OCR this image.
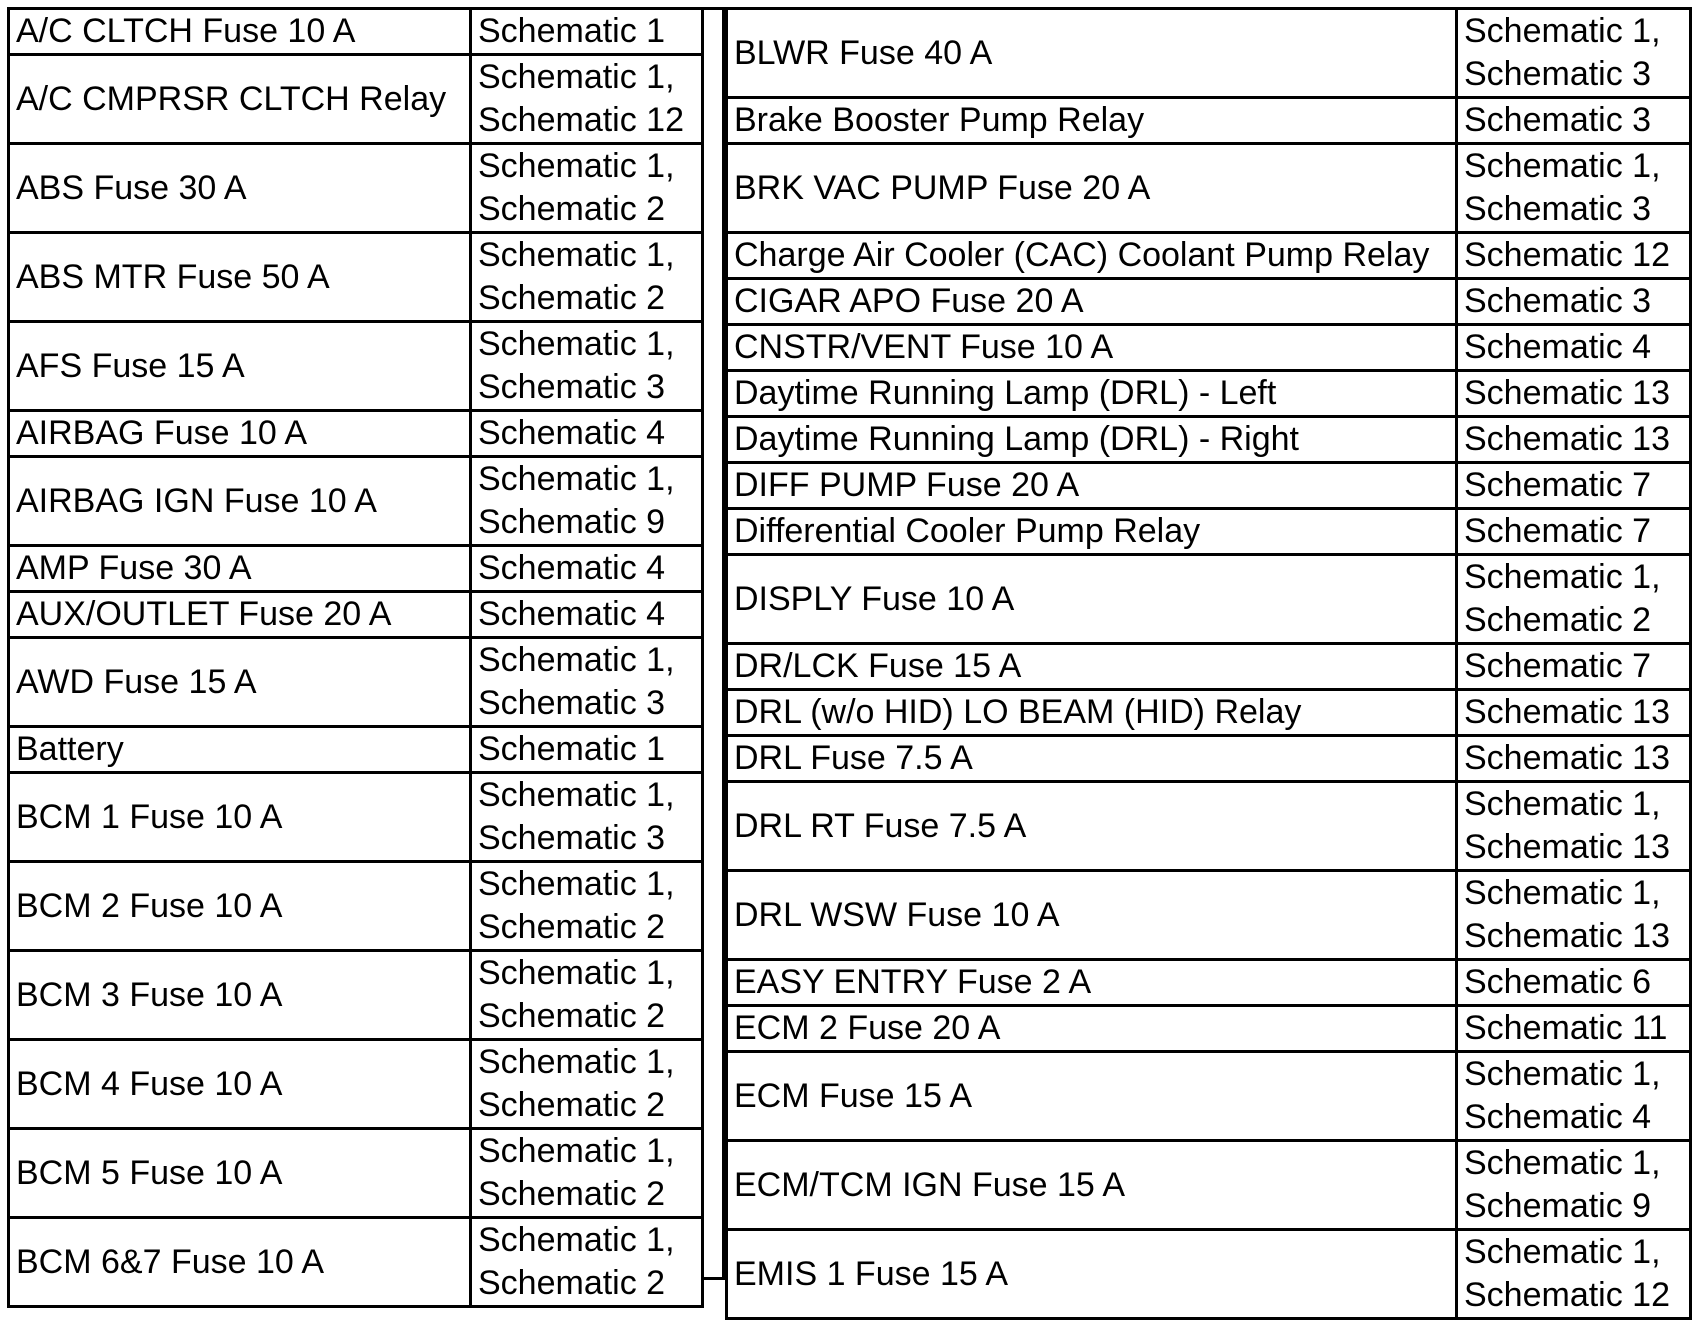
A/C CLTCH Fuse 10 A	Schematic 1

A/C CMPRSR CLTCH Relay	Schematic 1,
Schematic 12

ABS Fuse 30 A	Schematic 1,
Schematic 2

ABS MTR Fuse 50 A	Schematic 1,
Schematic 2

AFS Fuse 15 A	Schematic 1,
Schematic 3

AIRBAG Fuse 10 A	Schematic 4

AIRBAG IGN Fuse 10 A	Schematic 1,
Schematic 9

AMP Fuse 30 A	Schematic 4

AUX/OUTLET Fuse 20 A	Schematic 4

AWD Fuse 15 A	Schematic 1,
Schematic 3

Battery	Schematic 1

BCM 1 Fuse 10 A	Schematic 1,
Schematic 3

BCM 2 Fuse 10 A	Schematic 1,
Schematic 2

BCM 3 Fuse 10 A	Schematic 1,
Schematic 2

BCM 4 Fuse 10 A	Schematic 1,
Schematic 2

BCM 5 Fuse 10 A	Schematic 1,
Schematic 2

BCM 6&7 Fuse 10 A	Schematic 1,
Schematic 2
BLWR Fuse 40 A	Schematic 1,
Schematic 3

Brake Booster Pump Relay	Schematic 3

BRK VAC PUMP Fuse 20 A	Schematic 1,
Schematic 3

Charge Air Cooler (CAC) Coolant Pump Relay	Schematic 12

CIGAR APO Fuse 20 A	Schematic 3

CNSTR/VENT Fuse 10 A	Schematic 4

Daytime Running Lamp (DRL) - Left	Schematic 13

Daytime Running Lamp (DRL) - Right	Schematic 13

DIFF PUMP Fuse 20 A	Schematic 7

Differential Cooler Pump Relay	Schematic 7

DISPLY Fuse 10 A	Schematic 1,
Schematic 2

DR/LCK Fuse 15 A	Schematic 7

DRL (w/o HID) LO BEAM (HID) Relay	Schematic 13

DRL Fuse 7.5 A	Schematic 13

DRL RT Fuse 7.5 A	Schematic 1,
Schematic 13

DRL WSW Fuse 10 A	Schematic 1,
Schematic 13

EASY ENTRY Fuse 2 A	Schematic 6

ECM 2 Fuse 20 A	Schematic 11

ECM Fuse 15 A	Schematic 1,
Schematic 4

ECM/TCM IGN Fuse 15 A	Schematic 1,
Schematic 9

EMIS 1 Fuse 15 A	Schematic 1,
Schematic 12
